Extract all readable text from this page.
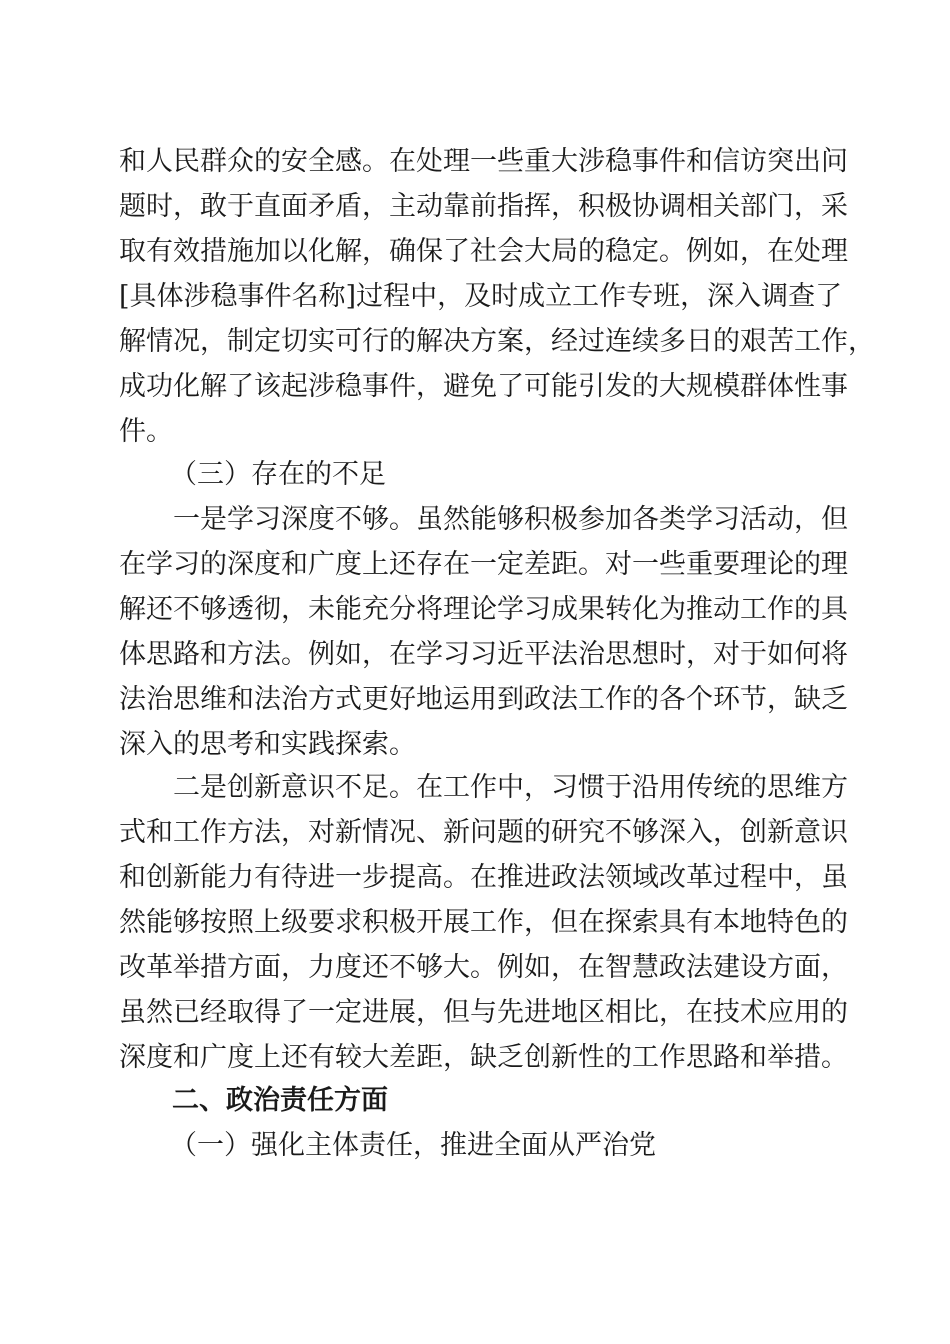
和人民群众的安全感。在处理一些重大涉稳事件和信访突出问
题时，敢于直面矛盾，主动靠前指挥，积极协调相关部门，采
取有效措施加以化解，确保了社会大局的稳定。例如，在处理
[具体涉稳事件名称]过程中，及时成立工作专班，深入调查了
解情况，制定切实可行的解决方案，经过连续多日的艰苦工作，
成功化解了该起涉稳事件，避免了可能引发的大规模群体性事
件。
（三）存在的不足
一是学习深度不够。虽然能够积极参加各类学习活动，但
在学习的深度和广度上还存在一定差距。对一些重要理论的理
解还不够透彻，未能充分将理论学习成果转化为推动工作的具
体思路和方法。例如，在学习习近平法治思想时，对于如何将
法治思维和法治方式更好地运用到政法工作的各个环节，缺乏
深入的思考和实践探索。
二是创新意识不足。在工作中，习惯于沿用传统的思维方
式和工作方法，对新情况、新问题的研究不够深入，创新意识
和创新能力有待进一步提高。在推进政法领域改革过程中，虽
然能够按照上级要求积极开展工作，但在探索具有本地特色的
改革举措方面，力度还不够大。例如，在智慧政法建设方面，
虽然已经取得了一定进展，但与先进地区相比，在技术应用的
深度和广度上还有较大差距，缺乏创新性的工作思路和举措。
二、政治责任方面
（一）强化主体责任，推进全面从严治党
